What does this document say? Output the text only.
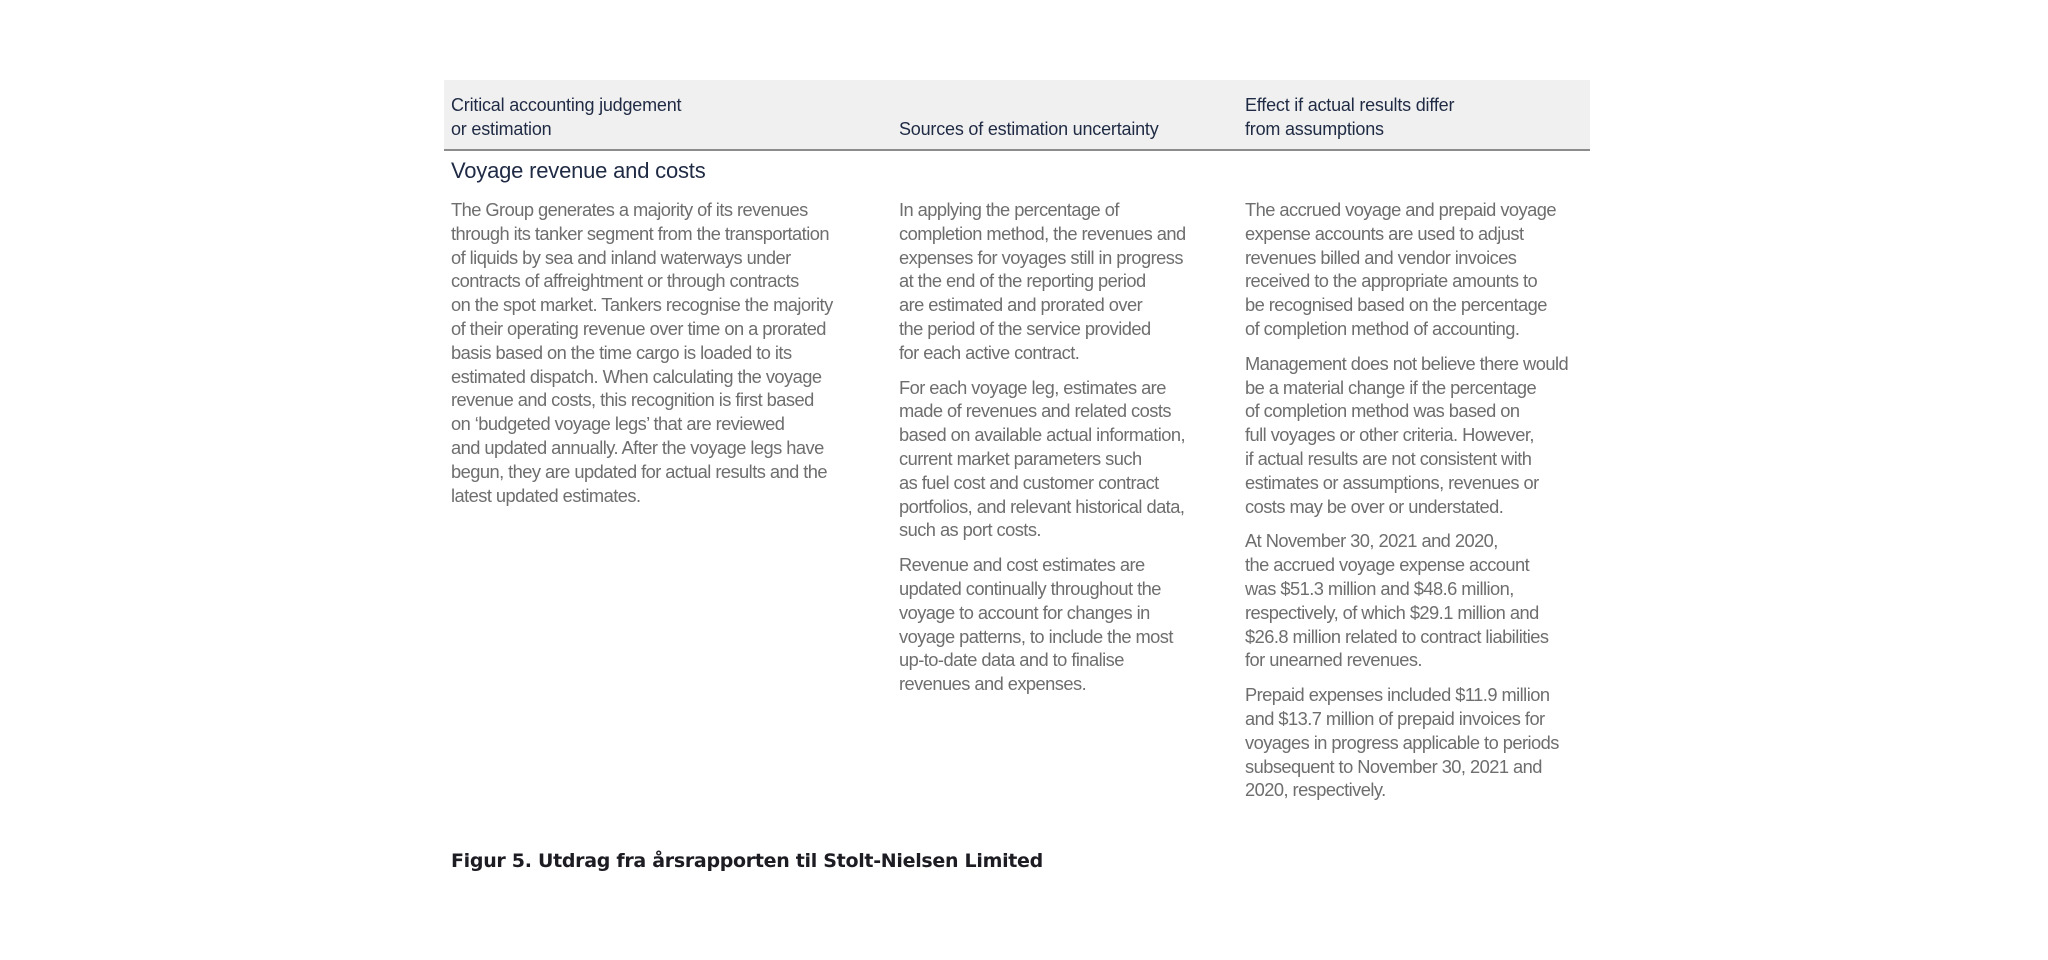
Critical accounting judgement
or estimation	Sources of estimation uncertainty
Effect if actual results differ
from assumptions
Voyage revenue and costs

The Group generates a majority of its revenues
through its tanker segment from the transportation
of liquids by sea and inland waterways under
contracts of affreightment or through contracts
on the spot market. Tankers recognise the majority
of their operating revenue over time on a prorated
basis based on the time cargo is loaded to its
estimated dispatch. When calculating the voyage
revenue and costs, this recognition is first based
on ‘budgeted voyage legs’ that are reviewed
and updated annually. After the voyage legs have
begun, they are updated for actual results and the
latest updated estimates.

In applying the percentage of
completion method, the revenues and
expenses for voyages still in progress
at the end of the reporting period
are estimated and prorated over
the period of the service provided
for each active contract.

For each voyage leg, estimates are
made of revenues and related costs
based on available actual information,
current market parameters such
as fuel cost and customer contract
portfolios, and relevant historical data,
such as port costs.

Revenue and cost estimates are
updated continually throughout the
voyage to account for changes in
voyage patterns, to include the most
up-to-date data and to finalise
revenues and expenses.

The accrued voyage and prepaid voyage
expense accounts are used to adjust
revenues billed and vendor invoices
received to the appropriate amounts to
be recognised based on the percentage
of completion method of accounting.

Management does not believe there would
be a material change if the percentage
of completion method was based on
full voyages or other criteria. However,
if actual results are not consistent with
estimates or assumptions, revenues or
costs may be over or understated.

At November 30, 2021 and 2020,
the accrued voyage expense account
was $51.3 million and $48.6 million,
respectively, of which $29.1 million and
$26.8 million related to contract liabilities
for unearned revenues.

Prepaid expenses included $11.9 million
and $13.7 million of prepaid invoices for
voyages in progress applicable to periods
subsequent to November 30, 2021 and
2020, respectively.

Figur 5. Utdrag fra årsrapporten til Stolt-Nielsen Limited
